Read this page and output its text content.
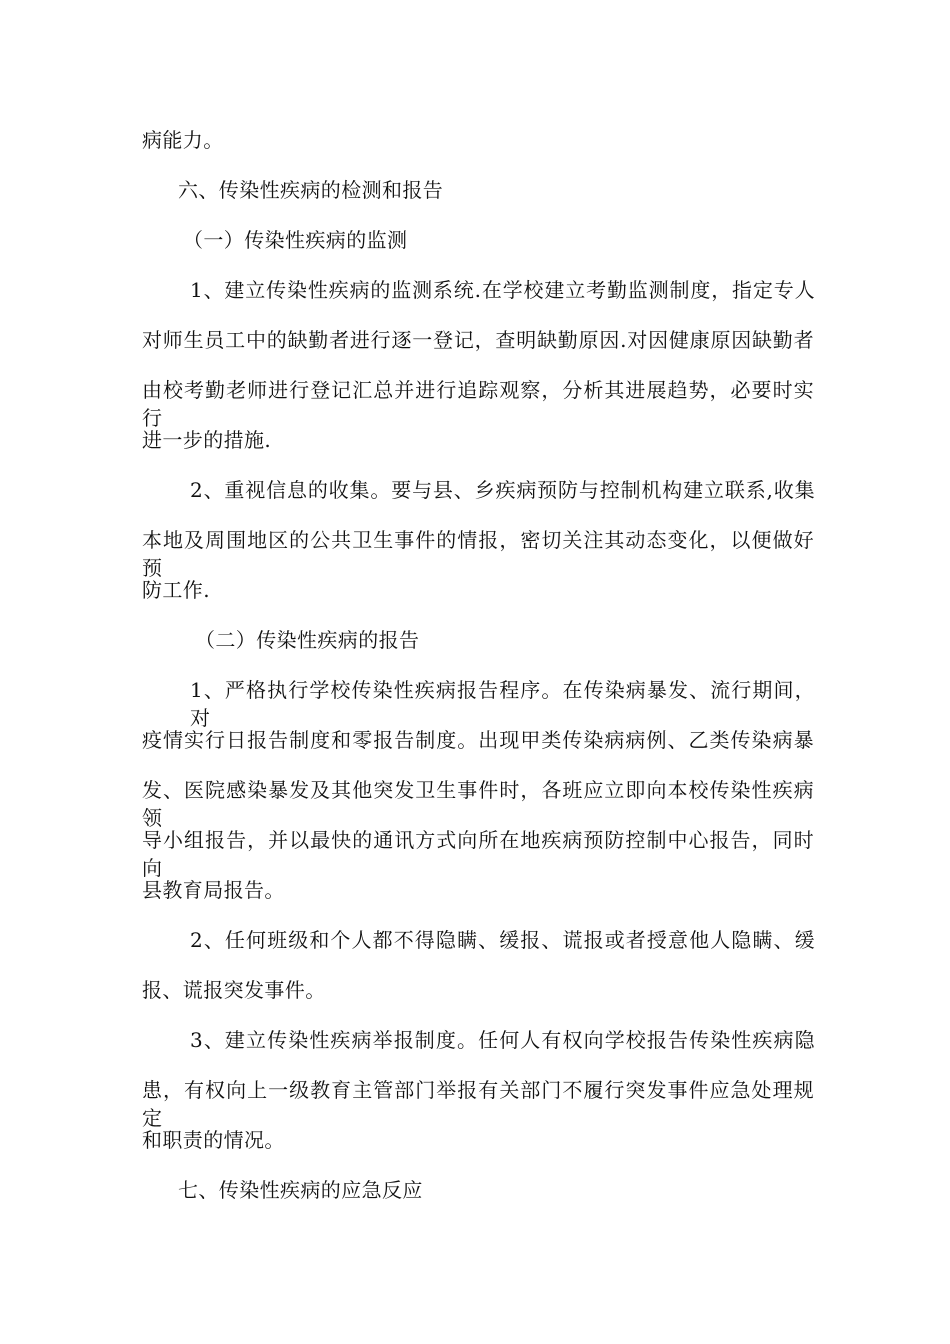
病能力。
六、传染性疾病的检测和报告
（一）传染性疾病的监测
1、建立传染性疾病的监测系统.在学校建立考勤监测制度，指定专人
对师生员工中的缺勤者进行逐一登记，查明缺勤原因.对因健康原因缺勤者
由校考勤老师进行登记汇总并进行追踪观察，分析其进展趋势，必要时实行
进一步的措施.
2、重视信息的收集。要与县、乡疾病预防与控制机构建立联系,收集
本地及周围地区的公共卫生事件的情报，密切关注其动态变化，以便做好预
防工作.
（二）传染性疾病的报告
1、严格执行学校传染性疾病报告程序。在传染病暴发、流行期间，对
疫情实行日报告制度和零报告制度。出现甲类传染病病例、乙类传染病暴
发、医院感染暴发及其他突发卫生事件时，各班应立即向本校传染性疾病领
导小组报告，并以最快的通讯方式向所在地疾病预防控制中心报告，同时向
县教育局报告。
2、任何班级和个人都不得隐瞒、缓报、谎报或者授意他人隐瞒、缓
报、谎报突发事件。
3、建立传染性疾病举报制度。任何人有权向学校报告传染性疾病隐
患，有权向上一级教育主管部门举报有关部门不履行突发事件应急处理规定
和职责的情况。
七、传染性疾病的应急反应
